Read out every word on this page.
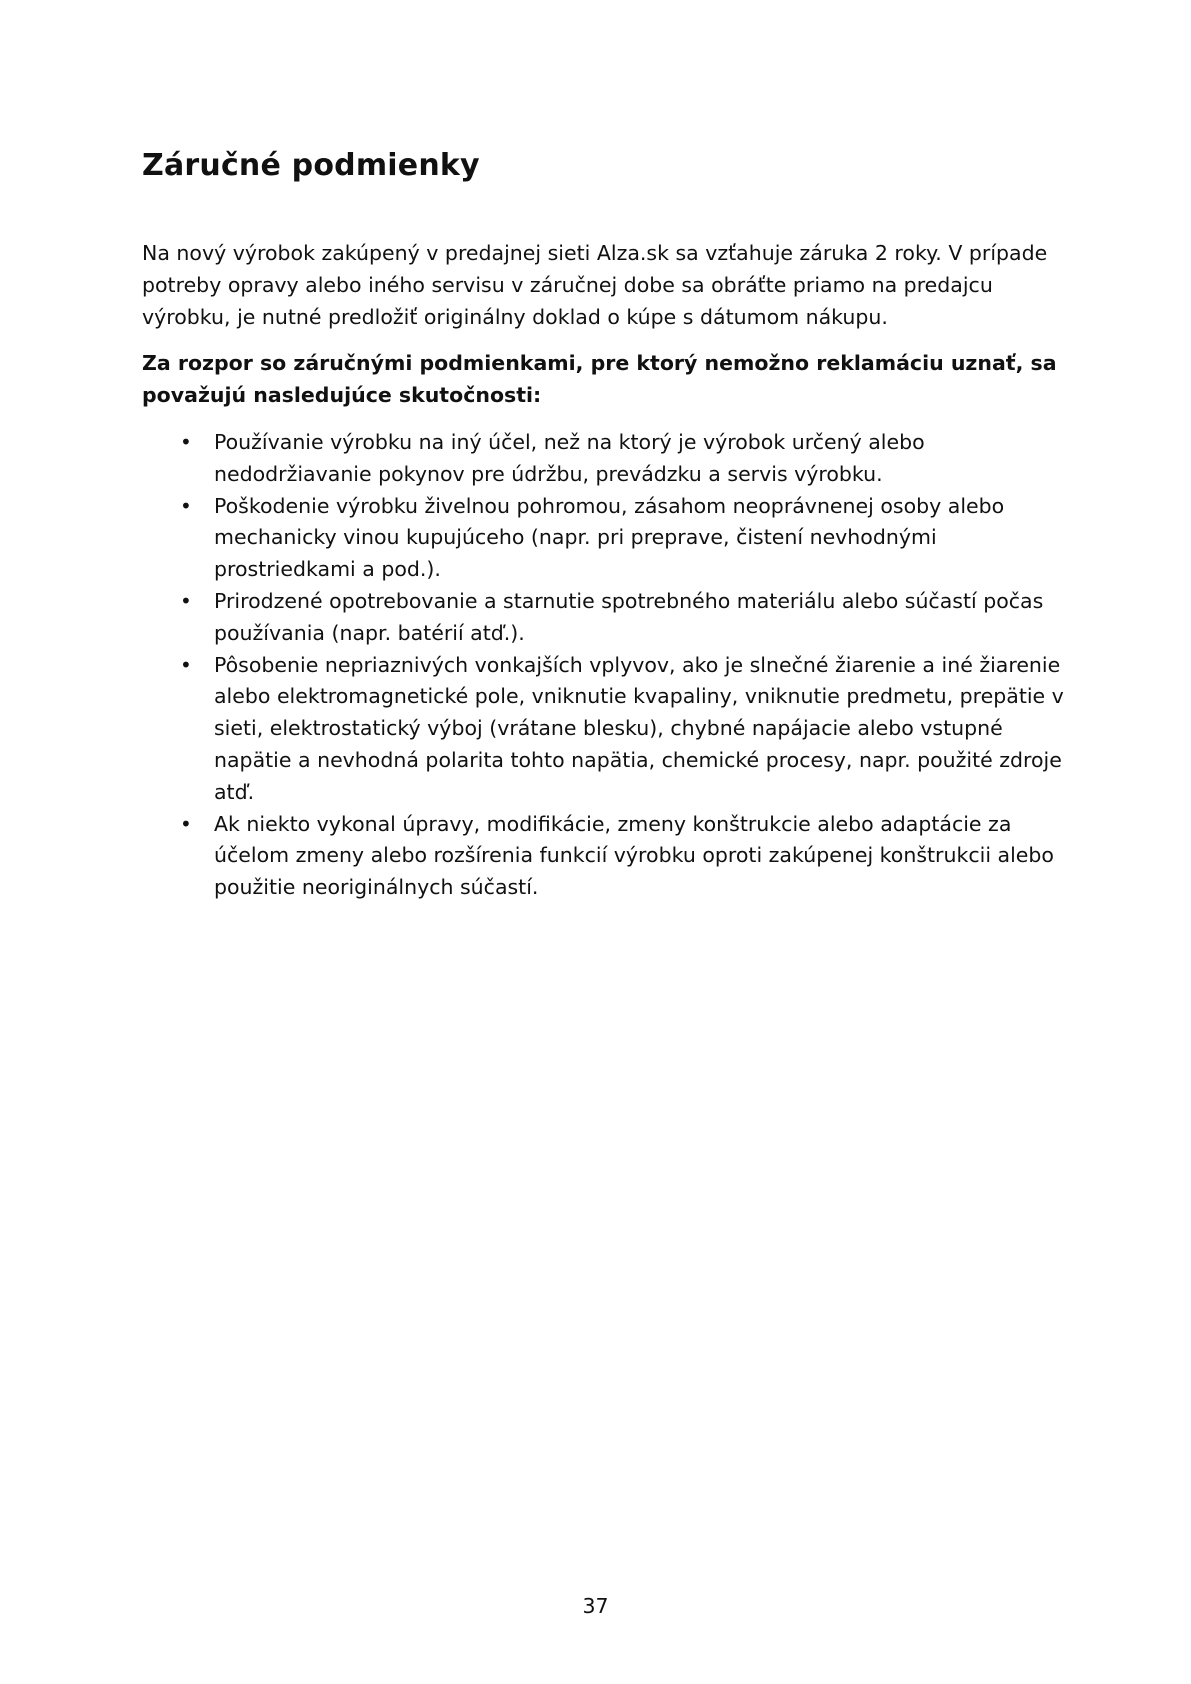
Záručné podmienky

Na nový výrobok zakúpený v predajnej sieti Alza.sk sa vzťahuje záruka 2 roky. V prípade potreby opravy alebo iného servisu v záručnej dobe sa obráťte priamo na predajcu výrobku, je nutné predložiť originálny doklad o kúpe s dátumom nákupu.

Za rozpor so záručnými podmienkami, pre ktorý nemožno reklamáciu uznať, sa považujú nasledujúce skutočnosti:

•	Používanie výrobku na iný účel, než na ktorý je výrobok určený alebo nedodržiavanie pokynov pre údržbu, prevádzku a servis výrobku.
•	Poškodenie výrobku živelnou pohromou, zásahom neoprávnenej osoby alebo mechanicky vinou kupujúceho (napr. pri preprave, čistení nevhodnými prostriedkami a pod.).
•	Prirodzené opotrebovanie a starnutie spotrebného materiálu alebo súčastí počas používania (napr. batérií atď.).
•	Pôsobenie nepriaznivých vonkajších vplyvov, ako je slnečné žiarenie a iné žiarenie alebo elektromagnetické pole, vniknutie kvapaliny, vniknutie predmetu, prepätie v sieti, elektrostatický výboj (vrátane blesku), chybné napájacie alebo vstupné napätie a nevhodná polarita tohto napätia, chemické procesy, napr. použité zdroje atď.
•	Ak niekto vykonal úpravy, modifikácie, zmeny konštrukcie alebo adaptácie za účelom zmeny alebo rozšírenia funkcií výrobku oproti zakúpenej konštrukcii alebo použitie neoriginálnych súčastí.
37
